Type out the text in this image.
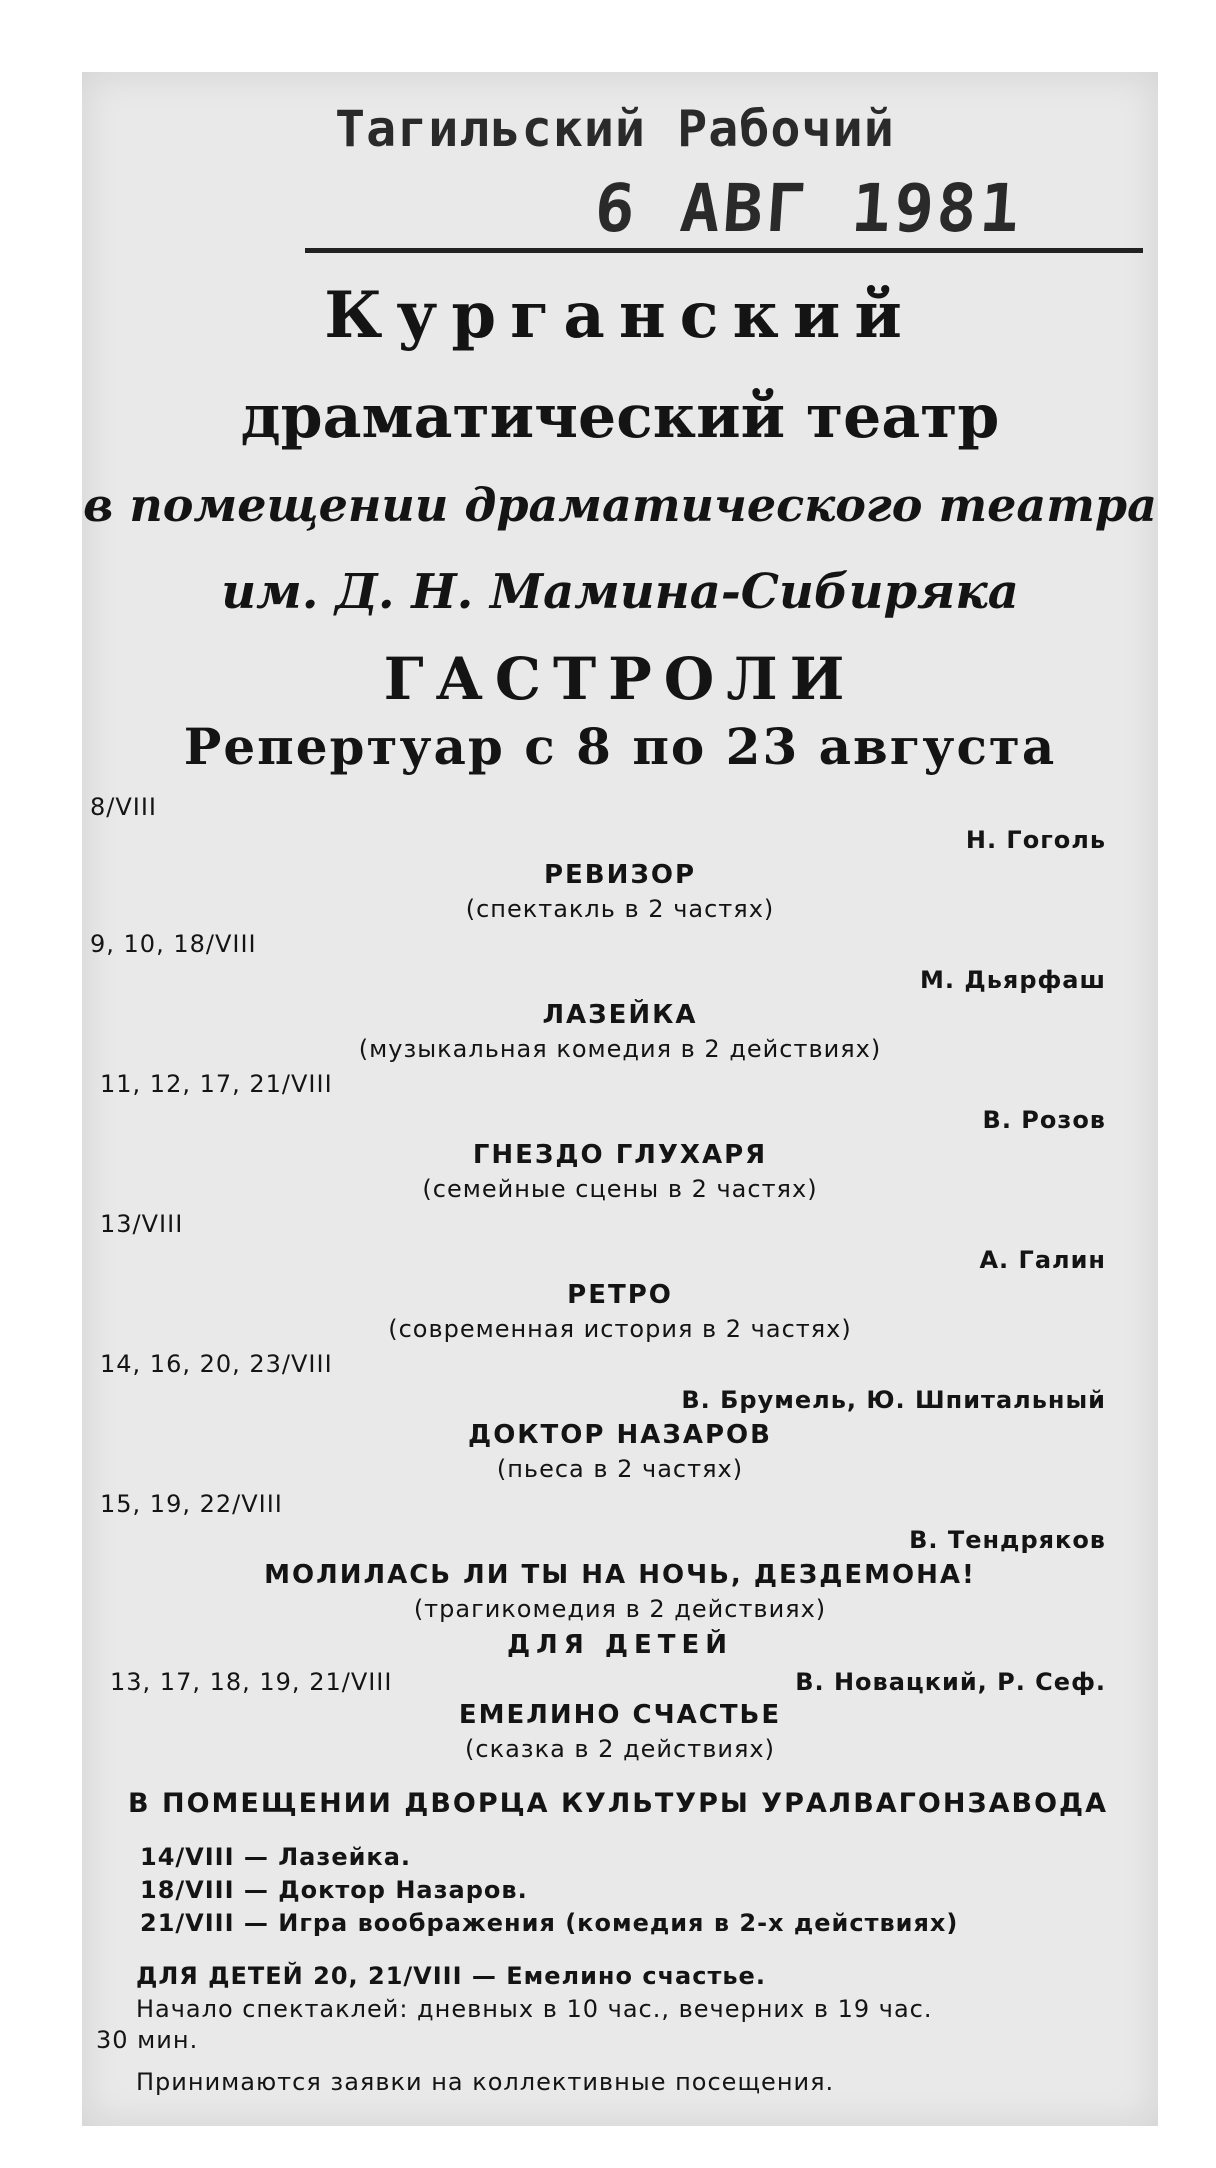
Тагильский Рабочий
6 АВГ 1981
Курганский
драматический театр
в помещении драматического театра
им. Д. Н. Мамина-Сибиряка
ГАСТРОЛИ
Репертуар с 8 по 23 августа
8/VIII
Н. Гоголь
РЕВИЗОР
(спектакль в 2 частях)
9, 10, 18/VIII
М. Дьярфаш
ЛАЗЕЙКА
(музыкальная комедия в 2 действиях)
11, 12, 17, 21/VIII
В. Розов
ГНЕЗДО ГЛУХАРЯ
(семейные сцены в 2 частях)
13/VIII
А. Галин
РЕТРО
(современная история в 2 частях)
14, 16, 20, 23/VIII
В. Брумель, Ю. Шпитальный
ДОКТОР НАЗАРОВ
(пьеса в 2 частях)
15, 19, 22/VIII
В. Тендряков
МОЛИЛАСЬ ЛИ ТЫ НА НОЧЬ, ДЕЗДЕМОНА!
(трагикомедия в 2 действиях)
ДЛЯ ДЕТЕЙ
13, 17, 18, 19, 21/VIII	В. Новацкий, Р. Сеф.
ЕМЕЛИНО СЧАСТЬЕ
(сказка в 2 действиях)
В ПОМЕЩЕНИИ ДВОРЦА КУЛЬТУРЫ УРАЛВАГОНЗАВОДА
14/VIII — Лазейка.
18/VIII — Доктор Назаров.
21/VIII — Игра воображения (комедия в 2-х действиях)
ДЛЯ ДЕТЕЙ 20, 21/VIII — Емелино счастье.
Начало спектаклей: дневных в 10 час., вечерних в 19 час.
30 мин.
Принимаются заявки на коллективные посещения.
